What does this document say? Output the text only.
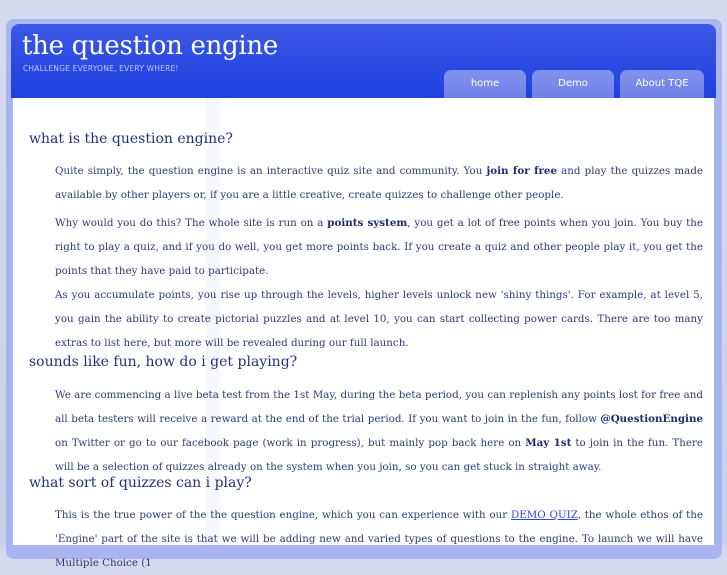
the question engine
CHALLENGE EVERYONE, EVERY WHERE!
home	Demo	About TQE
what is the question engine?

Quite simply, the question engine is an interactive quiz site and community. You join for free and play the quizzes made available by other players or, if you are a little creative, create quizzes to challenge other people.

Why would you do this? The whole site is run on a points system, you get a lot of free points when you join. You buy the right to play a quiz, and if you do well, you get more points back. If you create a quiz and other people play it, you get the points that they have paid to participate.

As you accumulate points, you rise up through the levels, higher levels unlock new 'shiny things'. For example, at level 5, you gain the ability to create pictorial puzzles and at level 10, you can start collecting power cards. There are too many extras to list here, but more will be revealed during our full launch.

sounds like fun, how do i get playing?

We are commencing a live beta test from the 1st May, during the beta period, you can replenish any points lost for free and all beta testers will receive a reward at the end of the trial period. If you want to join in the fun, follow @QuestionEngine on Twitter or go to our facebook page (work in progress), but mainly pop back here on May 1st to join in the fun. There will be a selection of quizzes already on the system when you join, so you can get stuck in straight away.

what sort of quizzes can i play?

This is the true power of the the question engine, which you can experience with our DEMO QUIZ, the whole ethos of the 'Engine' part of the site is that we will be adding new and varied types of questions to the engine. To launch we will have Multiple Choice (1
